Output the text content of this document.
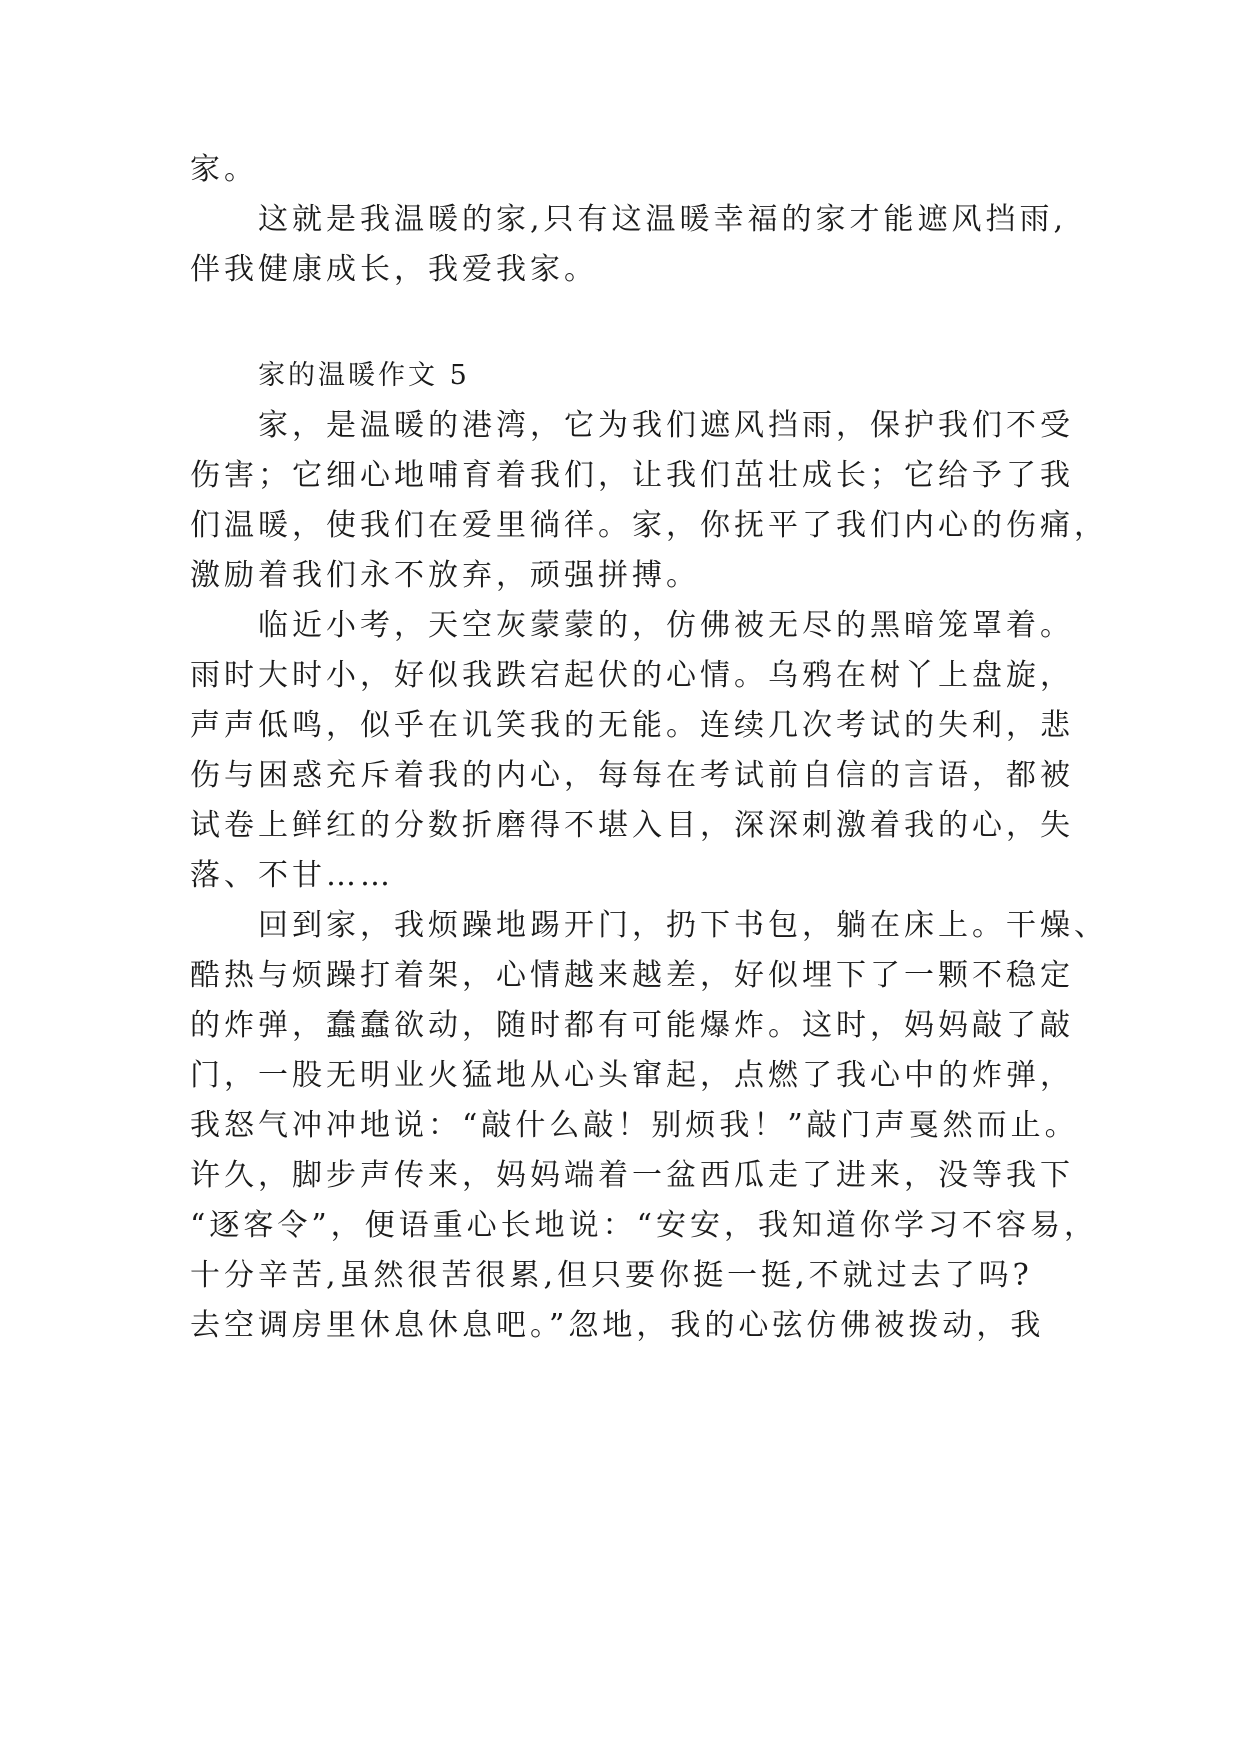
家。
这就是我温暖的家,只有这温暖幸福的家才能遮风挡雨,
伴我健康成长，我爱我家。
家的温暖作文 5
家，是温暖的港湾，它为我们遮风挡雨，保护我们不受
伤害；它细心地哺育着我们，让我们茁壮成长；它给予了我
们温暖，使我们在爱里徜徉。家，你抚平了我们内心的伤痛，
激励着我们永不放弃，顽强拼搏。
临近小考，天空灰蒙蒙的，仿佛被无尽的黑暗笼罩着。
雨时大时小，好似我跌宕起伏的心情。乌鸦在树丫上盘旋，
声声低鸣，似乎在讥笑我的无能。连续几次考试的失利，悲
伤与困惑充斥着我的内心，每每在考试前自信的言语，都被
试卷上鲜红的分数折磨得不堪入目，深深刺激着我的心，失
落、不甘……
回到家，我烦躁地踢开门，扔下书包，躺在床上。干燥、
酷热与烦躁打着架，心情越来越差，好似埋下了一颗不稳定
的炸弹，蠢蠢欲动，随时都有可能爆炸。这时，妈妈敲了敲
门，一股无明业火猛地从心头窜起，点燃了我心中的炸弹，
我怒气冲冲地说：“敲什么敲！别烦我！”敲门声戛然而止。
许久，脚步声传来，妈妈端着一盆西瓜走了进来，没等我下
“逐客令”，便语重心长地说：“安安，我知道你学习不容易，
十分辛苦,虽然很苦很累,但只要你挺一挺,不就过去了吗?
去空调房里休息休息吧。”忽地，我的心弦仿佛被拨动，我
